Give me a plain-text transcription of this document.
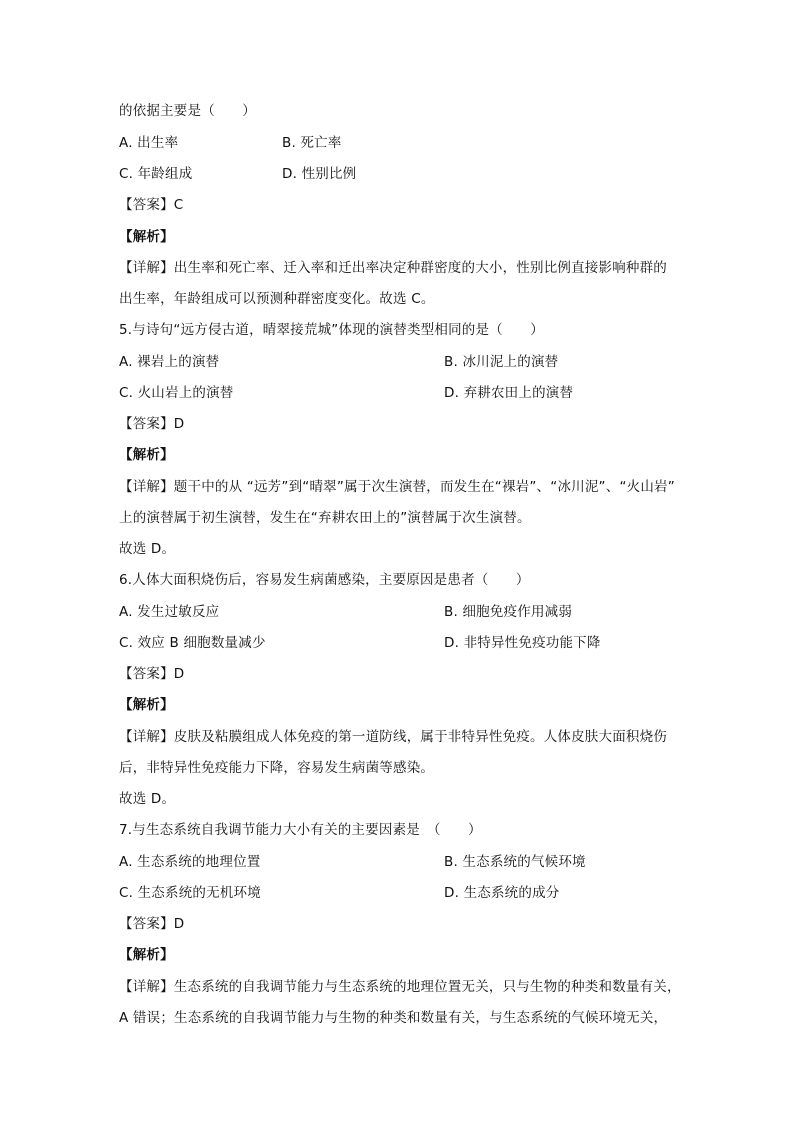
的依据主要是（　　）
A. 出生率	B. 死亡率
C. 年龄组成	D. 性别比例
【答案】C
【解析】
【详解】出生率和死亡率、迁入率和迁出率决定种群密度的大小，性别比例直接影响种群的
出生率，年龄组成可以预测种群密度变化。故选 C。
5.与诗句“远方侵古道，晴翠接荒城”体现的演替类型相同的是（　　）
A. 裸岩上的演替	B. 冰川泥上的演替
C. 火山岩上的演替	D. 弃耕农田上的演替
【答案】D
【解析】
【详解】题干中的从 “远芳”到“晴翠”属于次生演替，而发生在“裸岩”、“冰川泥”、“火山岩”
上的演替属于初生演替，发生在“弃耕农田上的”演替属于次生演替。
故选 D。
6.人体大面积烧伤后，容易发生病菌感染，主要原因是患者（　　）
A. 发生过敏反应	B. 细胞免疫作用减弱
C. 效应 B 细胞数量减少	D. 非特异性免疫功能下降
【答案】D
【解析】
【详解】皮肤及粘膜组成人体免疫的第一道防线，属于非特异性免疫。人体皮肤大面积烧伤
后，非特异性免疫能力下降，容易发生病菌等感染。
故选 D。
7.与生态系统自我调节能力大小有关的主要因素是　（　　）
A. 生态系统的地理位置	B. 生态系统的气候环境
C. 生态系统的无机环境	D. 生态系统的成分
【答案】D
【解析】
【详解】生态系统的自我调节能力与生态系统的地理位置无关，只与生物的种类和数量有关，
A 错误；生态系统的自我调节能力与生物的种类和数量有关，与生态系统的气候环境无关，
